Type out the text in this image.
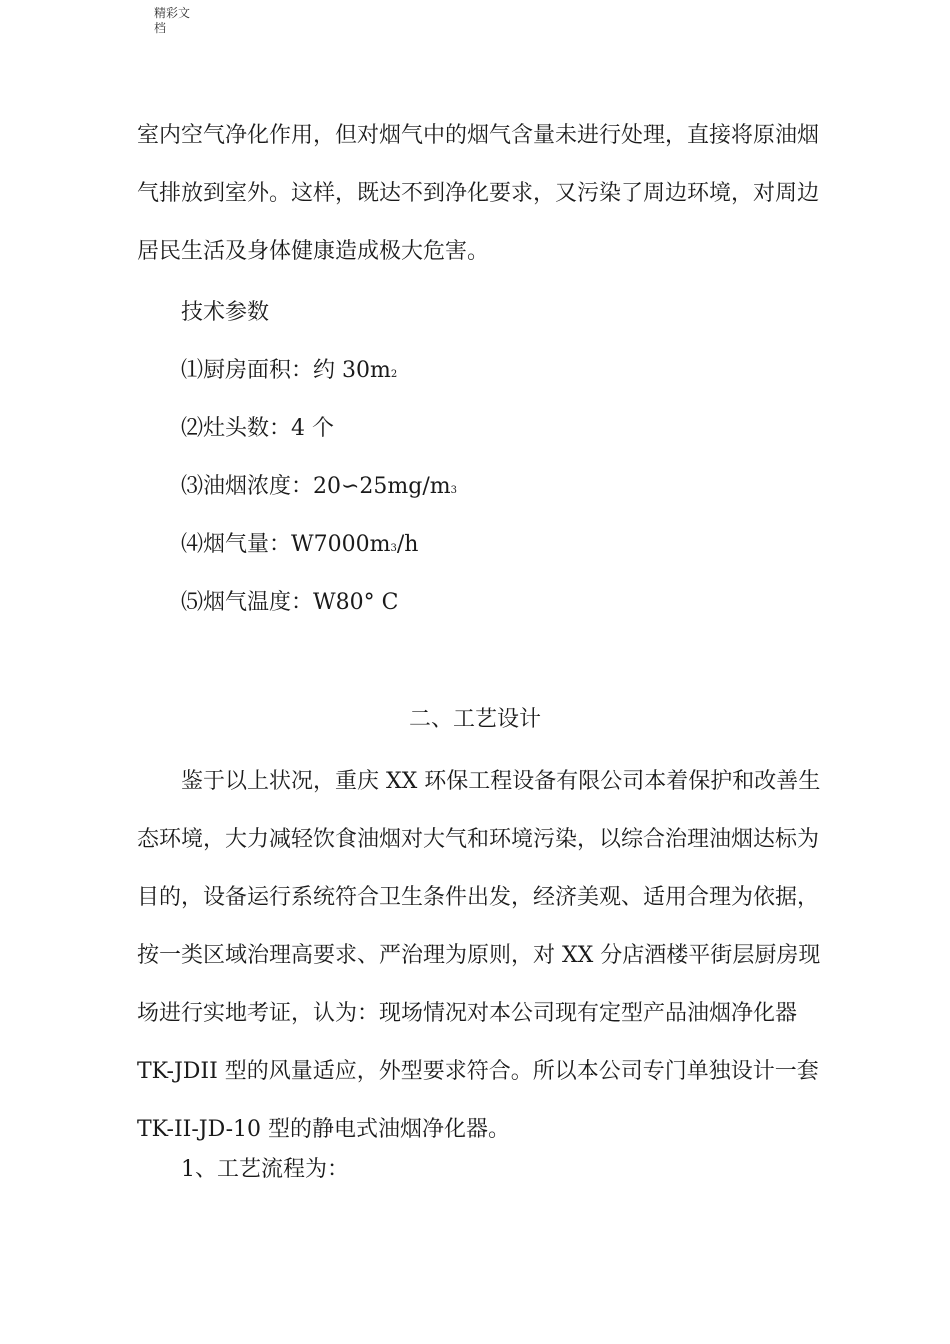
精彩文
档
室内空气净化作用，但对烟气中的烟气含量未进行处理，直接将原油烟
气排放到室外。这样，既达不到净化要求，又污染了周边环境，对周边
居民生活及身体健康造成极大危害。
技术参数
⑴厨房面积：约 30m2
⑵灶头数：4 个
⑶油烟浓度：20∽25mg/m3
⑷烟气量：W7000m3/h
⑸烟气温度：W80° C
二、工艺设计
鉴于以上状况，重庆 XX 环保工程设备有限公司本着保护和改善生
态环境，大力减轻饮食油烟对大气和环境污染，以综合治理油烟达标为
目的，设备运行系统符合卫生条件出发，经济美观、适用合理为依据，
按一类区域治理高要求、严治理为原则，对 XX 分店酒楼平街层厨房现
场进行实地考证，认为：现场情况对本公司现有定型产品油烟净化器
TK-JDII 型的风量适应，外型要求符合。所以本公司专门单独设计一套
TK-II-JD-10 型的静电式油烟净化器。
1、工艺流程为：
